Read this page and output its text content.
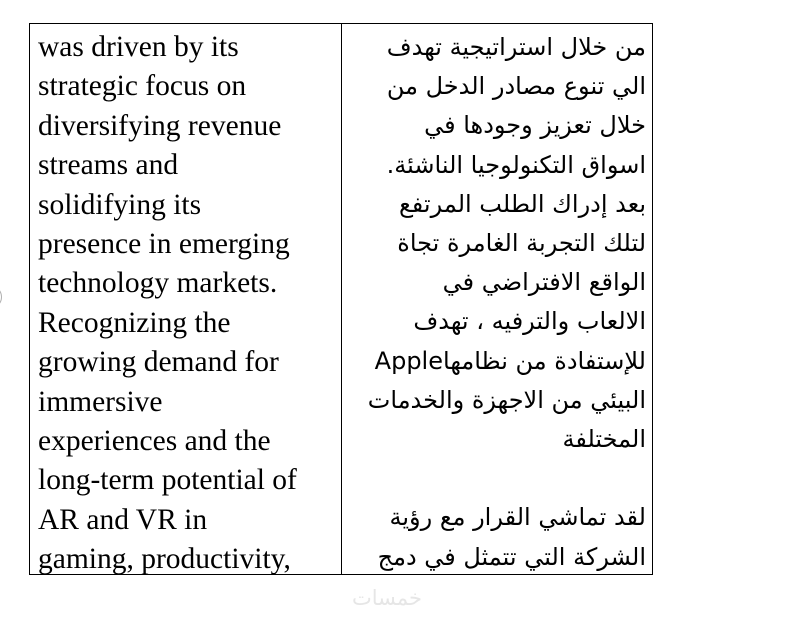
was driven by its
strategic focus on
diversifying revenue
streams and
solidifying its
presence in emerging
technology markets.
Recognizing the
growing demand for
immersive
experiences and the
long-term potential of
AR and VR in
gaming, productivity,
من خلال استراتيجية تهدف
الي تنوع مصادر الدخل من
خلال تعزيز وجودها في
اسواق التكنولوجيا الناشئة.
بعد إدراك الطلب المرتفع
لتلك التجربة الغامرة تجاة
الواقع الافتراضي في
الالعاب والترفيه ، تهدف
Appleللإستفادة من نظامها
البيئي من الاجهزة والخدمات
المختلفة
لقد تماشي القرار مع رؤية
الشركة التي تتمثل في دمج
خمسات
